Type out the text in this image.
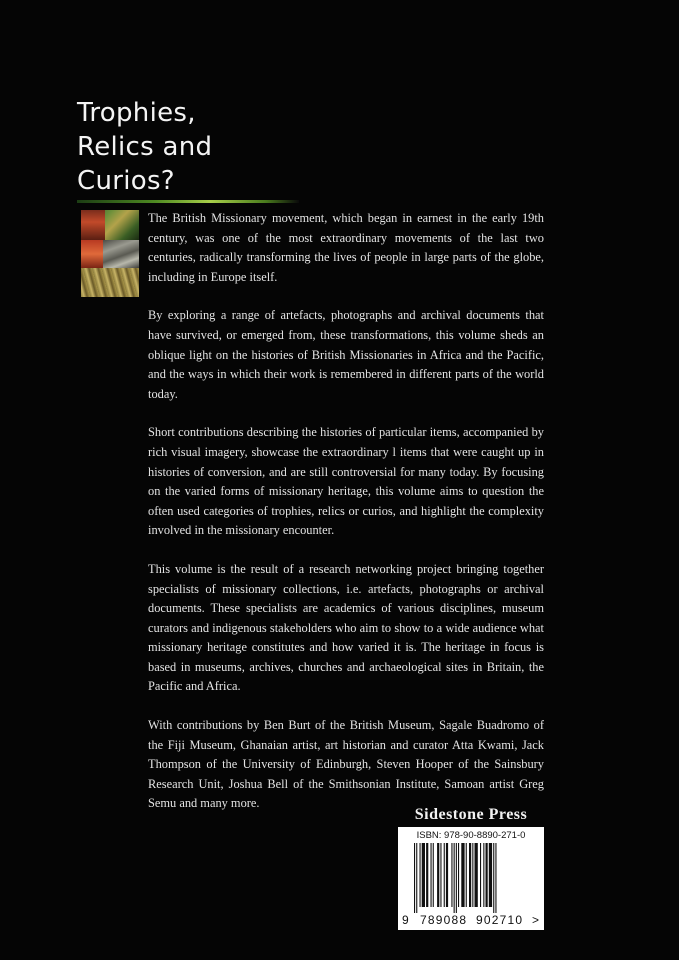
Trophies,
Relics and
Curios?

The British Missionary movement, which began in earnest in the early 19th century, was one of the most extraordinary movements of the last two centuries, radically transforming the lives of people in large parts of the globe, including in Europe itself.

By exploring a range of artefacts, photographs and archival documents that have survived, or emerged from, these transformations, this volume sheds an oblique light on the histories of British Missionaries in Africa and the Pacific, and the ways in which their work is remembered in different parts of the world today.

Short contributions describing the histories of particular items, accompanied by rich visual imagery, showcase the extraordinary l items that were caught up in histories of conversion, and are still controversial for many today. By focusing on the varied forms of missionary heritage, this volume aims to question the often used categories of trophies, relics or curios, and highlight the complexity involved in the missionary encounter.

This volume is the result of a research networking project bringing together specialists of missionary collections, i.e. artefacts, photographs or archival documents. These specialists are academics of various disciplines, museum curators and indigenous stakeholders who aim to show to a wide audience what missionary heritage constitutes and how varied it is. The heritage in focus is based in museums, archives, churches and archaeological sites in Britain, the Pacific and Africa.

With contributions by Ben Burt of the British Museum, Sagale Buadromo of the Fiji Museum, Ghanaian artist, art historian and curator Atta Kwami, Jack Thompson of the University of Edinburgh, Steven Hooper of the Sainsbury Research Unit, Joshua Bell of the Smithsonian Institute, Samoan artist Greg Semu and many more.

Sidestone Press
ISBN: 978-90-8890-271-0
9 789088 902710 >
